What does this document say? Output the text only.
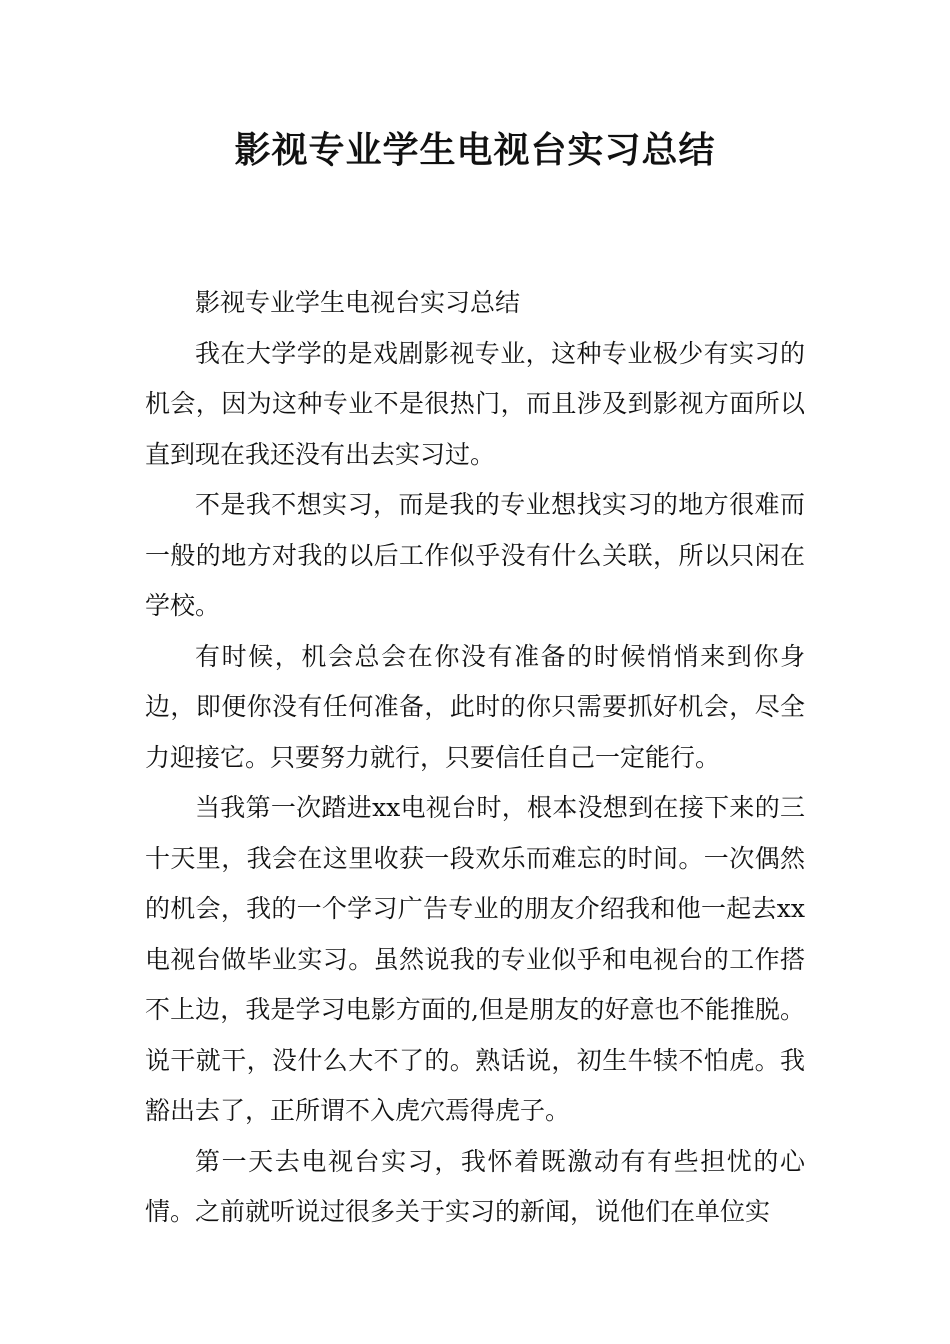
影视专业学生电视台实习总结

影视专业学生电视台实习总结

我在大学学的是戏剧影视专业，这种专业极少有实习的机会，因为这种专业不是很热门，而且涉及到影视方面所以直到现在我还没有出去实习过。

不是我不想实习，而是我的专业想找实习的地方很难而一般的地方对我的以后工作似乎没有什么关联，所以只闲在学校。

有时候，机会总会在你没有准备的时候悄悄来到你身边，即便你没有任何准备，此时的你只需要抓好机会，尽全力迎接它。只要努力就行，只要信任自己一定能行。

当我第一次踏进xx电视台时，根本没想到在接下来的三十天里，我会在这里收获一段欢乐而难忘的时间。一次偶然的机会，我的一个学习广告专业的朋友介绍我和他一起去xx电视台做毕业实习。虽然说我的专业似乎和电视台的工作搭不上边，我是学习电影方面的,但是朋友的好意也不能推脱。说干就干，没什么大不了的。熟话说，初生牛犊不怕虎。我豁出去了，正所谓不入虎穴焉得虎子。

第一天去电视台实习，我怀着既激动有有些担忧的心情。之前就听说过很多关于实习的新闻，说他们在单位实
